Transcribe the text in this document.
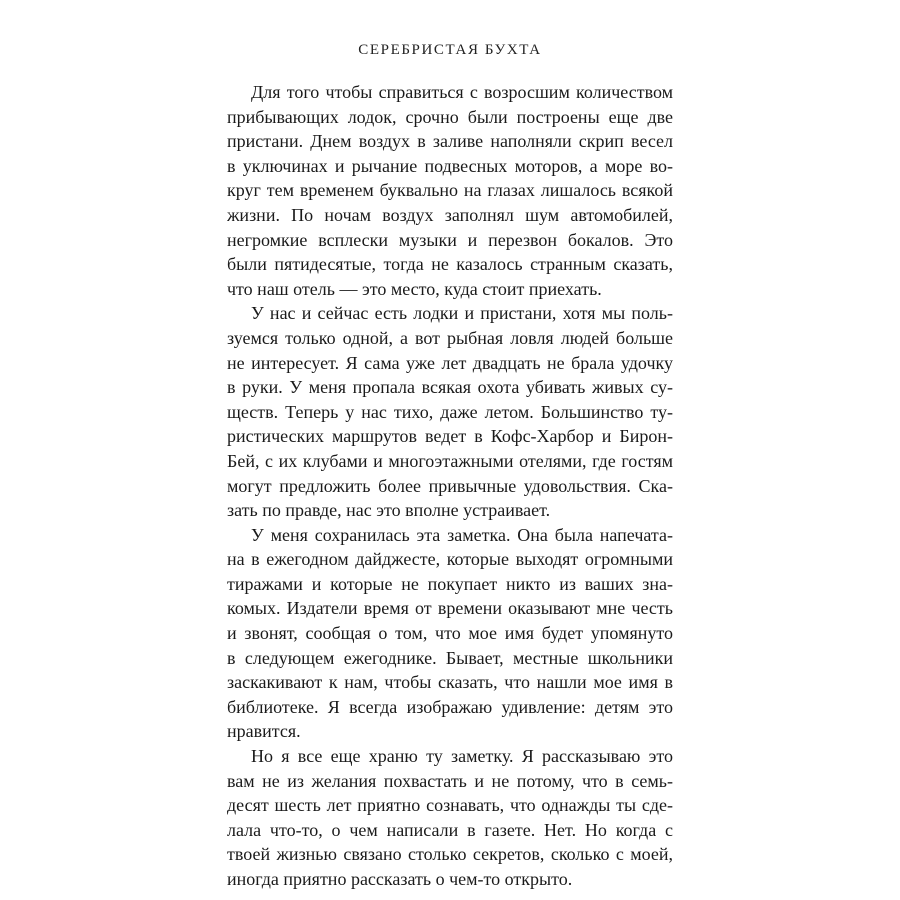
СЕРЕБРИСТАЯ БУХТА
Для того чтобы справиться с возросшим количеством
прибывающих лодок, срочно были построены еще две
пристани. Днем воздух в заливе наполняли скрип весел
в уключинах и рычание подвесных моторов, а море во-
круг тем временем буквально на глазах лишалось всякой
жизни. По ночам воздух заполнял шум автомобилей,
негромкие всплески музыки и перезвон бокалов. Это
были пятидесятые, тогда не казалось странным сказать,
что наш отель — это место, куда стоит приехать.
У нас и сейчас есть лодки и пристани, хотя мы поль-
зуемся только одной, а вот рыбная ловля людей больше
не интересует. Я сама уже лет двадцать не брала удочку
в руки. У меня пропала всякая охота убивать живых су-
ществ. Теперь у нас тихо, даже летом. Большинство ту-
ристических маршрутов ведет в Кофс-Харбор и Бирон-
Бей, с их клубами и многоэтажными отелями, где гостям
могут предложить более привычные удовольствия. Ска-
зать по правде, нас это вполне устраивает.
У меня сохранилась эта заметка. Она была напечата-
на в ежегодном дайджесте, которые выходят огромными
тиражами и которые не покупает никто из ваших зна-
комых. Издатели время от времени оказывают мне честь
и звонят, сообщая о том, что мое имя будет упомянуто
в следующем ежегоднике. Бывает, местные школьники
заскакивают к нам, чтобы сказать, что нашли мое имя в
библиотеке. Я всегда изображаю удивление: детям это
нравится.
Но я все еще храню ту заметку. Я рассказываю это
вам не из желания похвастать и не потому, что в семь-
десят шесть лет приятно сознавать, что однажды ты сде-
лала что-то, о чем написали в газете. Нет. Но когда с
твоей жизнью связано столько секретов, сколько с моей,
иногда приятно рассказать о чем-то открыто.
